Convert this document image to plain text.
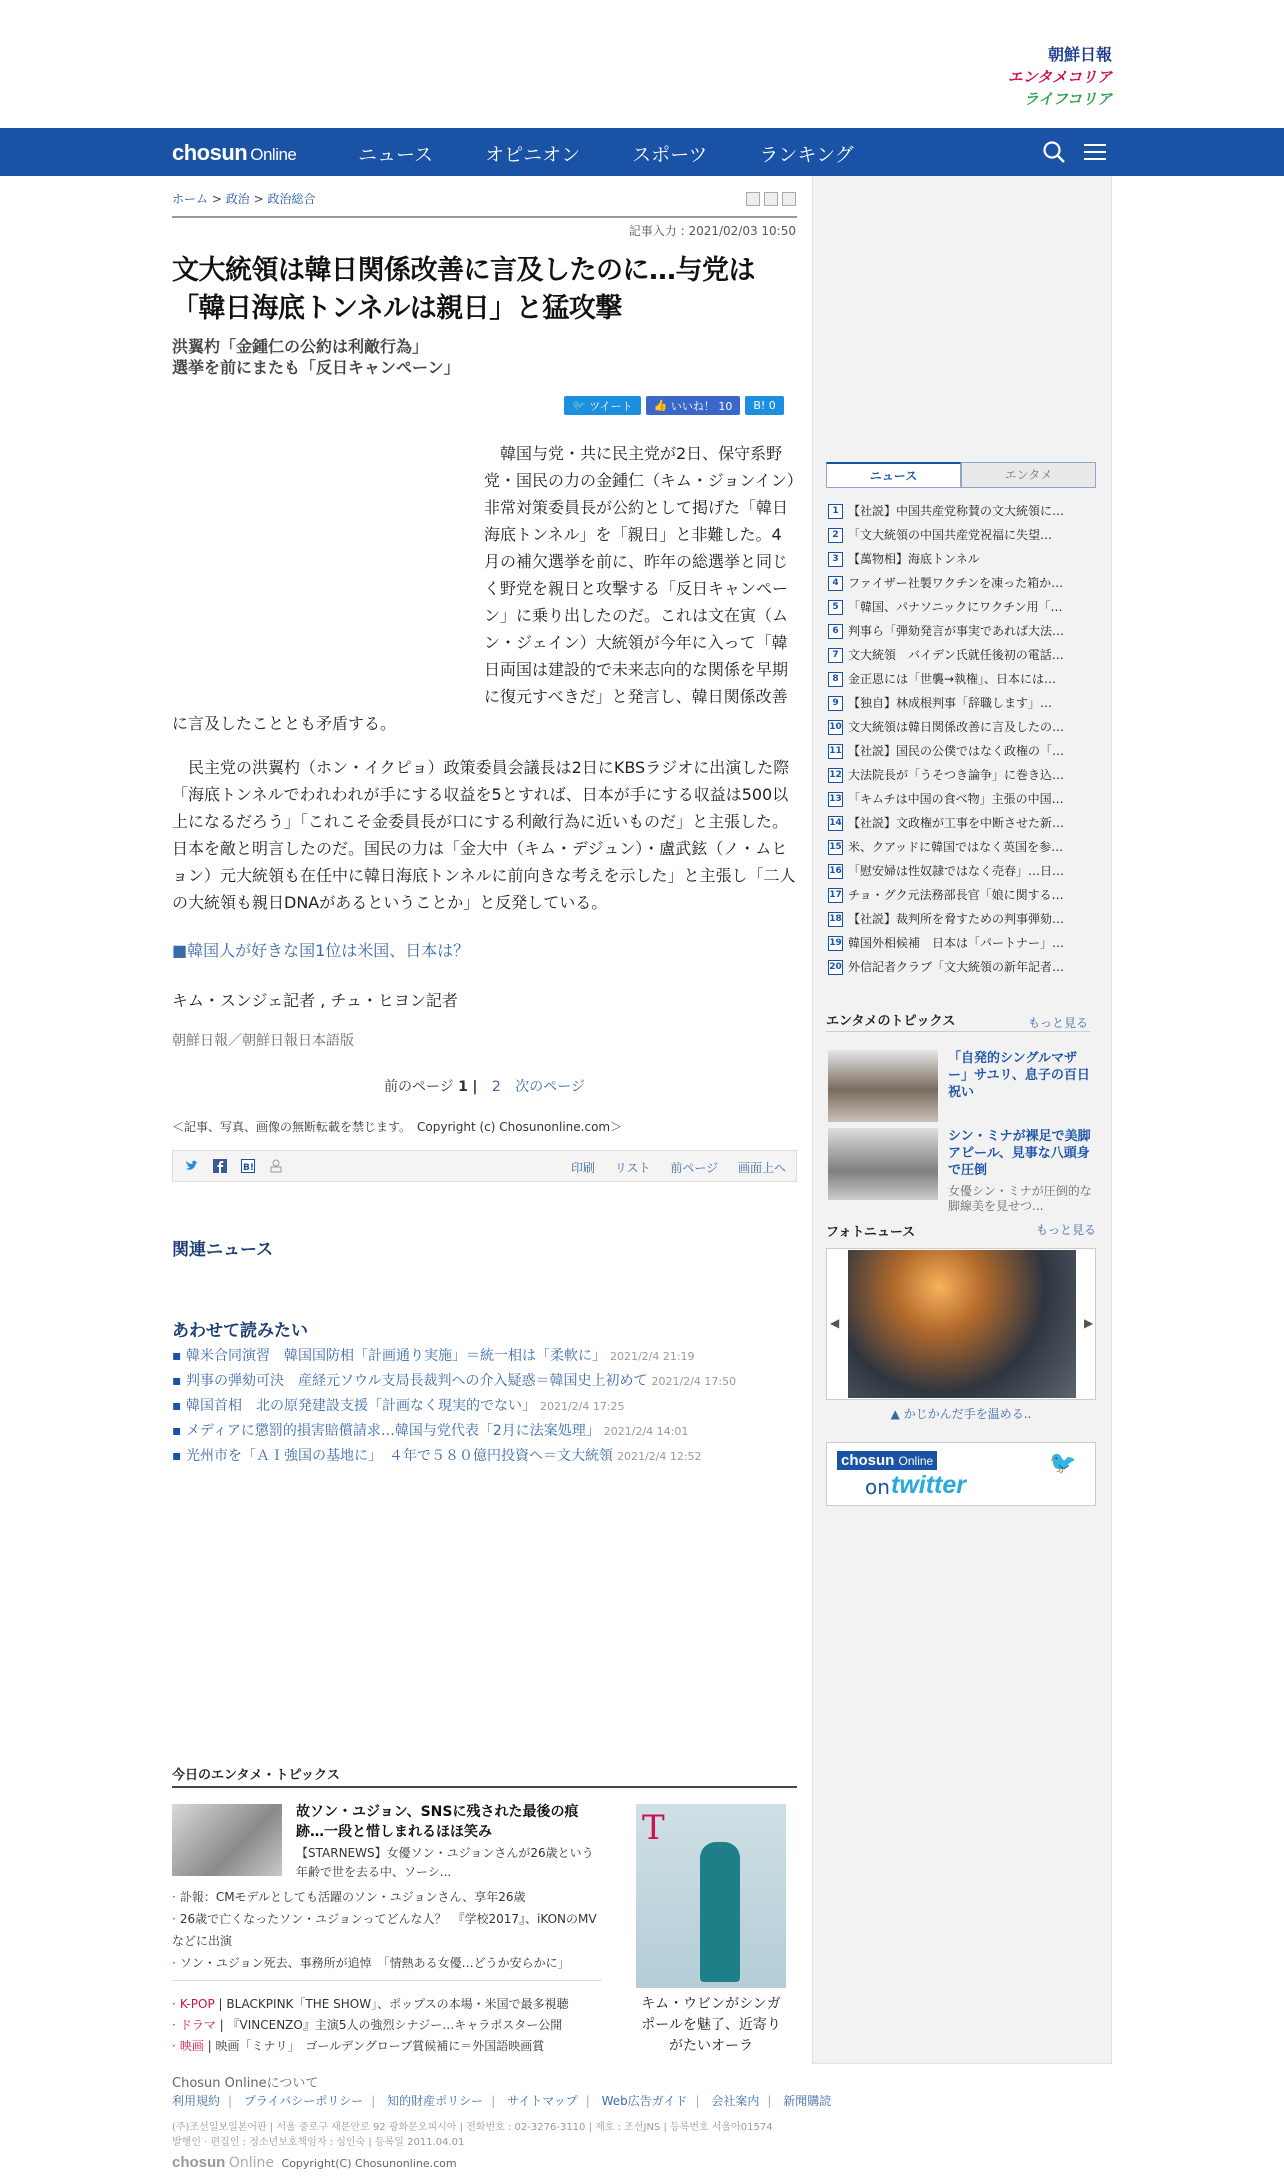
朝鮮日報
エンタメコリア
ライフコリア
chosun Online	ニュース	オピニオン	スポーツ	ランキング
ホーム > 政治 > 政治総合
記事入力 : 2021/02/03 10:50
文大統領は韓日関係改善に言及したのに…与党は「韓日海底トンネルは親日」と猛攻撃
洪翼杓「金鍾仁の公約は利敵行為」
選挙を前にまたも「反日キャンペーン」
🐦 ツイート 👍 いいね！ 10 B! 0

韓国与党・共に民主党が2日、保守系野党・国民の力の金鍾仁（キム・ジョンイン）非常対策委員長が公約として掲げた「韓日海底トンネル」を「親日」と非難した。4月の補欠選挙を前に、昨年の総選挙と同じく野党を親日と攻撃する「反日キャンペーン」に乗り出したのだ。これは文在寅（ムン・ジェイン）大統領が今年に入って「韓日両国は建設的で未来志向的な関係を早期に復元すべきだ」と発言し、韓日関係改善に言及したこととも矛盾する。

民主党の洪翼杓（ホン・イクピョ）政策委員会議長は2日にKBSラジオに出演した際「海底トンネルでわれわれが手にする収益を5とすれば、日本が手にする収益は500以上になるだろう」「これこそ金委員長が口にする利敵行為に近いものだ」と主張した。日本を敵と明言したのだ。国民の力は「金大中（キム・デジュン）・盧武鉉（ノ・ムヒョン）元大統領も在任中に韓日海底トンネルに前向きな考えを示した」と主張し「二人の大統領も親日DNAがあるということか」と反発している。

■韓国人が好きな国1位は米国、日本は？
キム・スンジェ記者 , チュ・ヒヨン記者
朝鮮日報／朝鮮日報日本語版
前のページ 1 | 2 次のページ
＜記事、写真、画像の無断転載を禁じます。　Copyright (c) Chosunonline.com＞
B!	印刷 リスト 前ページ 画面上へ
関連ニュース
あわせて読みたい
▪ 韓米合同演習　韓国国防相「計画通り実施」＝統一相は「柔軟に」 2021/2/4 21:19
▪ 判事の弾劾可決　産経元ソウル支局長裁判への介入疑惑＝韓国史上初めて 2021/2/4 17:50
▪ 韓国首相　北の原発建設支援「計画なく現実的でない」 2021/2/4 17:25
▪ メディアに懲罰的損害賠償請求…韓国与党代表「2月に法案処理」 2021/2/4 14:01
▪ 光州市を「ＡＩ強国の基地に」　４年で５８０億円投資へ＝文大統領 2021/2/4 12:52
今日のエンタメ・トピックス
故ソン・ユジョン、SNSに残された最後の痕跡…一段と惜しまれるほほ笑み
【STARNEWS】女優ソン・ユジョンさんが26歳という年齢で世を去る中、ソーシ...
· 訃報：CMモデルとしても活躍のソン・ユジョンさん、享年26歳
· 26歳で亡くなったソン・ユジョンってどんな人？　『学校2017』、iKONのMVなどに出演
· ソン・ユジョン死去、事務所が追悼　「情熱ある女優…どうか安らかに」
· K-POP | BLACKPINK「THE SHOW」、ポップスの本場・米国で最多視聴
· ドラマ | 『VINCENZO』主演5人の強烈シナジー…キャラポスター公開
· 映画 | 映画「ミナリ」　ゴールデングローブ賞候補に＝外国語映画賞
T
キム・ウビンがシンガポールを魅了、近寄りがたいオーラ
Chosun Onlineについて
利用規約 | プライバシーポリシー | 知的財産ポリシー | サイトマップ | Web広告ガイド | 会社案内 | 新聞購読
(주)조선일보일본어판 | 서울 중로구 새문안로 92 광화문오피시아 | 전화번호 : 02-3276-3110 | 제호 : 조선JNS | 등록번호 서울아01574
발행인 · 편집인 : 정소년보호책임자 : 심인숙 | 등록일 2011.04.01
chosun Online Copyright(C) Chosunonline.com
ニュース	エンタメ
1 【社説】中国共産党称賛の文大統領に…
2 「文大統領の中国共産党祝福に失望…
3 【萬物相】海底トンネル
4 ファイザー社製ワクチンを凍った箱か…
5 「韓国、パナソニックにワクチン用「…
6 判事ら「弾劾発言が事実であれば大法…
7 文大統領　バイデン氏就任後初の電話…
8 金正恩には「世襲→執権」、日本には…
9 【独自】林成根判事「辞職します」…
10 文大統領は韓日関係改善に言及したの…
11 【社説】国民の公僕ではなく政権の「…
12 大法院長が「うそつき論争」に巻き込…
13 「キムチは中国の食べ物」主張の中国…
14 【社説】文政権が工事を中断させた新…
15 米、クアッドに韓国ではなく英国を参…
16 「慰安婦は性奴隷ではなく売春」…日…
17 チョ・グク元法務部長官「娘に関する…
18 【社説】裁判所を脅すための判事弾劾…
19 韓国外相候補　日本は「パートナー」…
20 外信記者クラブ「文大統領の新年記者…
エンタメのトピックス	もっと見る
「自発的シングルマザー」サユリ、息子の百日祝い
シン・ミナが裸足で美脚アピール、見事な八頭身で圧倒
女優シン・ミナが圧倒的な脚線美を見せつ...
フォトニュース	もっと見る
◀	▶
▲ かじかんだ手を温める..
chosun Online
on twitter
🐦
